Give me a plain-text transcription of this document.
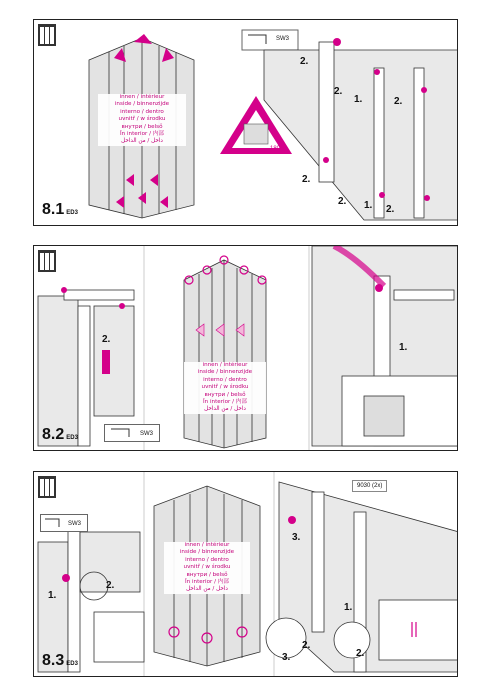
innen / intérieur
inside / binnenzijde
interno / dentro
uvnitř / w środku
внутри / belső
În interior / 内部
داخل / من الداخل
SW3
180°
2.
2.
1.	2.
2.
2. 1. 2.
8.1 ED3
innen / intérieur
inside / binnenzijde
interno / dentro
uvnitř / w środku
внутри / belső
În interior / 内部
داخل / من الداخل
2.
1.
SW3
8.2 ED3
innen / intérieur
inside / binnenzijde
interno / dentro
uvnitř / w środku
внутри / belső
În interior / 内部
داخل / من الداخل
SW3
9030 (2x)
1.
2.
3.
1.
2.
3.	2.
8.3 ED3
